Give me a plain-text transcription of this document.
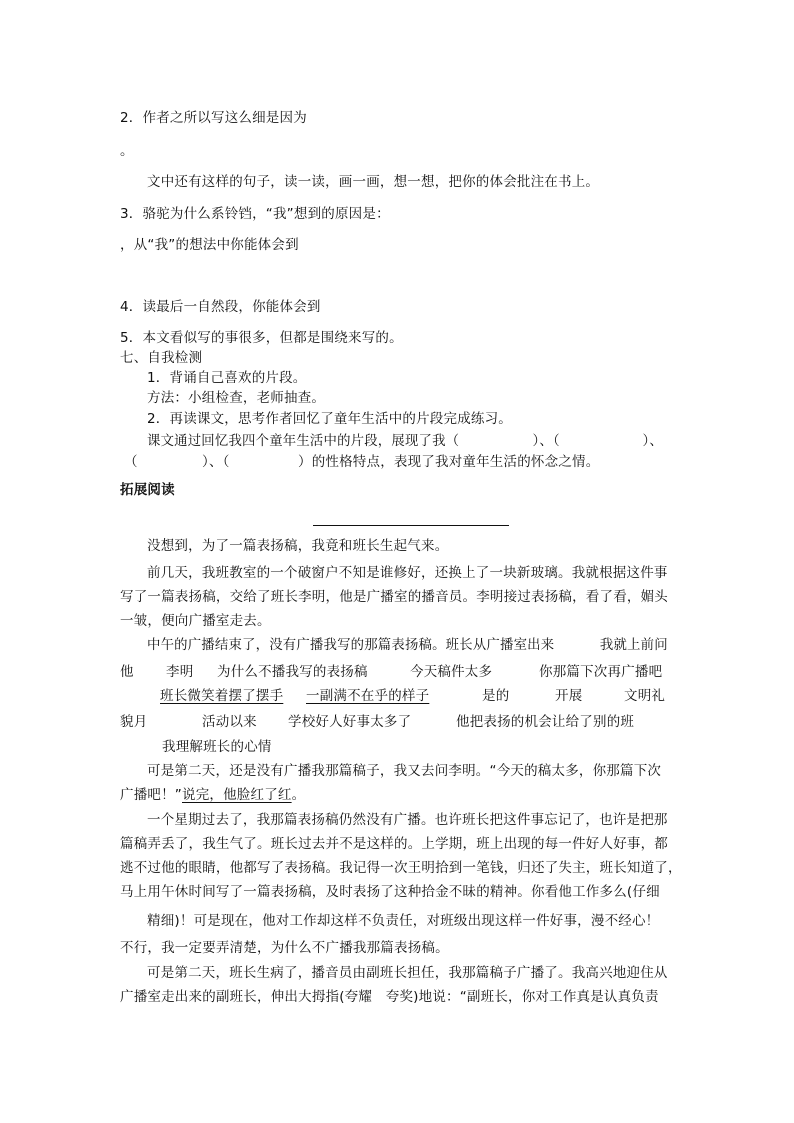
2．作者之所以写这么细是因为
。
文中还有这样的句子，读一读，画一画，想一想，把你的体会批注在书上。
3．骆驼为什么系铃铛，“我”想到的原因是：
，从“我”的想法中你能体会到
4．读最后一自然段，你能体会到
5．本文看似写的事很多，但都是围绕来写的。
七、自我检测
1．背诵自己喜欢的片段。
方法：小组检查，老师抽查。
2．再读课文，思考作者回忆了童年生活中的片段完成练习。
课文通过回忆我四个童年生活中的片段，展现了我（	）、（	）、
（	）、（	）的性格特点，表现了我对童年生活的怀念之情。
拓展阅读
没想到，为了一篇表扬稿，我竟和班长生起气来。
前几天，我班教室的一个破窗户不知是谁修好，还换上了一块新玻璃。我就根据这件事
写了一篇表扬稿，交给了班长李明，他是广播室的播音员。李明接过表扬稿，看了看，媚头
一皱，便向广播室走去。
中午的广播结束了，没有广播我写的那篇表扬稿。班长从广播室出来	我就上前问
他 李明 为什么不播我写的表扬稿	今天稿件太多	你那篇下次再广播吧
班长微笑着摆了摆手 一副满不在乎的样子	是的	开展	文明礼
貌月	活动以来 学校好人好事太多了	他把表扬的机会让给了别的班
我理解班长的心情
可是第二天，还是没有广播我那篇稿子，我又去问李明。“今天的稿太多，你那篇下次
广播吧！”说完，他脸红了红。
一个星期过去了，我那篇表扬稿仍然没有广播。也许班长把这件事忘记了，也许是把那
篇稿弄丢了，我生气了。班长过去并不是这样的。上学期，班上出现的每一件好人好事，都
逃不过他的眼睛，他都写了表扬稿。我记得一次王明拾到一笔钱，归还了失主，班长知道了，
马上用午休时间写了一篇表扬稿，及时表扬了这种拾金不昧的精神。你看他工作多么(仔细
精细)！可是现在，他对工作却这样不负责任，对班级出现这样一件好事，漫不经心！
不行，我一定要弄清楚，为什么不广播我那篇表扬稿。
可是第二天，班长生病了，播音员由副班长担任，我那篇稿子广播了。我高兴地迎住从
广播室走出来的副班长，伸出大拇指(夸耀　夸奖)地说：“副班长，你对工作真是认真负责
